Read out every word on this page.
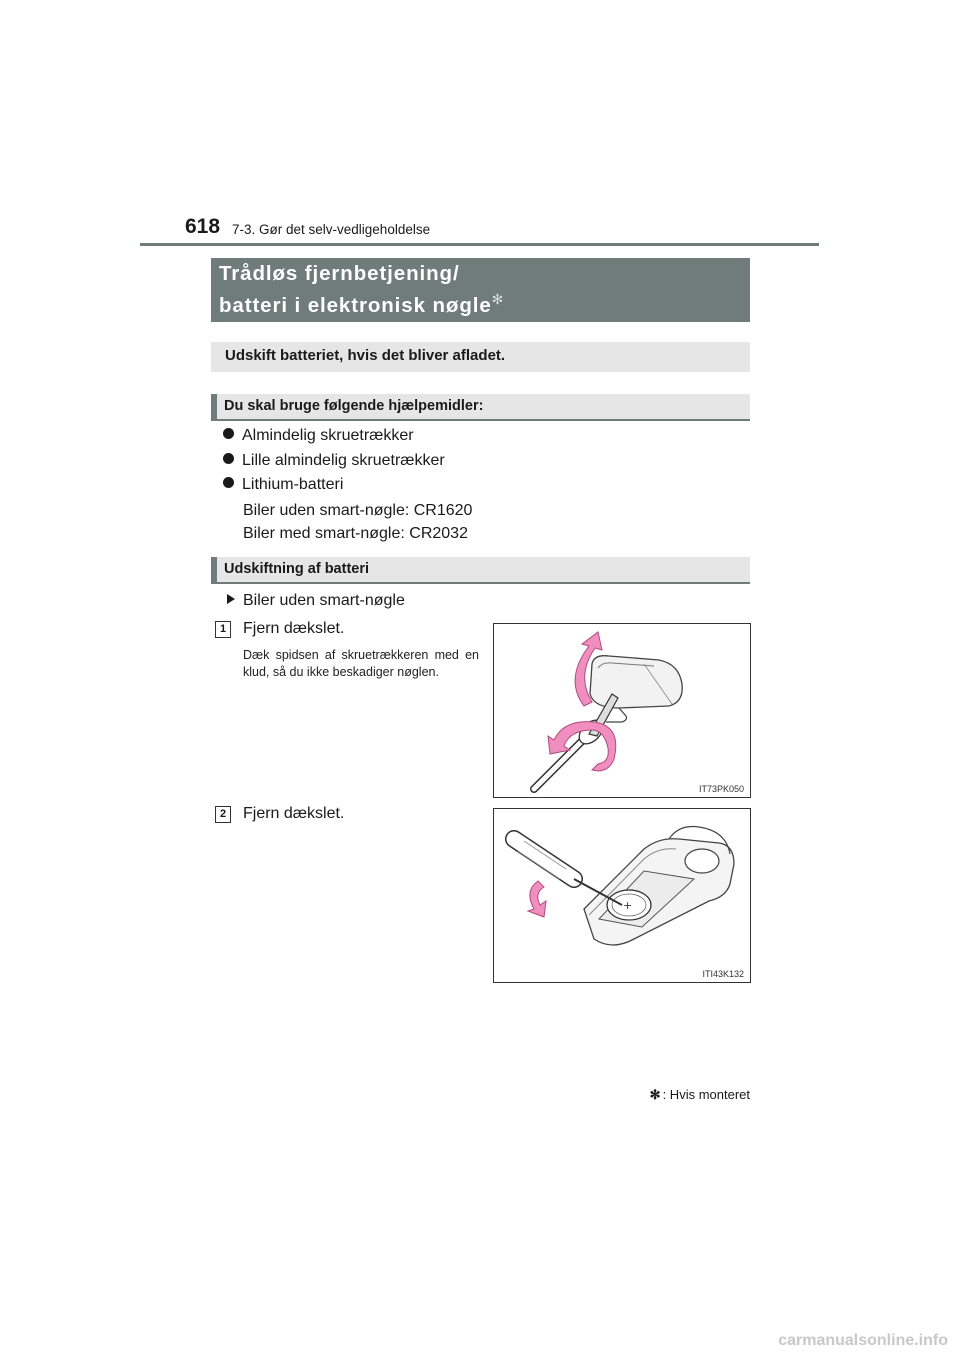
618 7-3. Gør det selv-vedligeholdelse
Trådløs fjernbetjening/
batteri i elektronisk nøgle✻
Udskift batteriet, hvis det bliver afladet.
Du skal bruge følgende hjælpemidler:
Almindelig skruetrækker
Lille almindelig skruetrækker
Lithium-batteri
Biler uden smart-nøgle: CR1620
Biler med smart-nøgle: CR2032
Udskiftning af batteri
Biler uden smart-nøgle
1	Fjern dækslet.
Dæk spidsen af skruetrækkeren med en klud, så du ikke beskadiger nøglen.
IT73PK050
2	Fjern dækslet.
+
ITI43K132
✻ : Hvis monteret
carmanualsonline.info
